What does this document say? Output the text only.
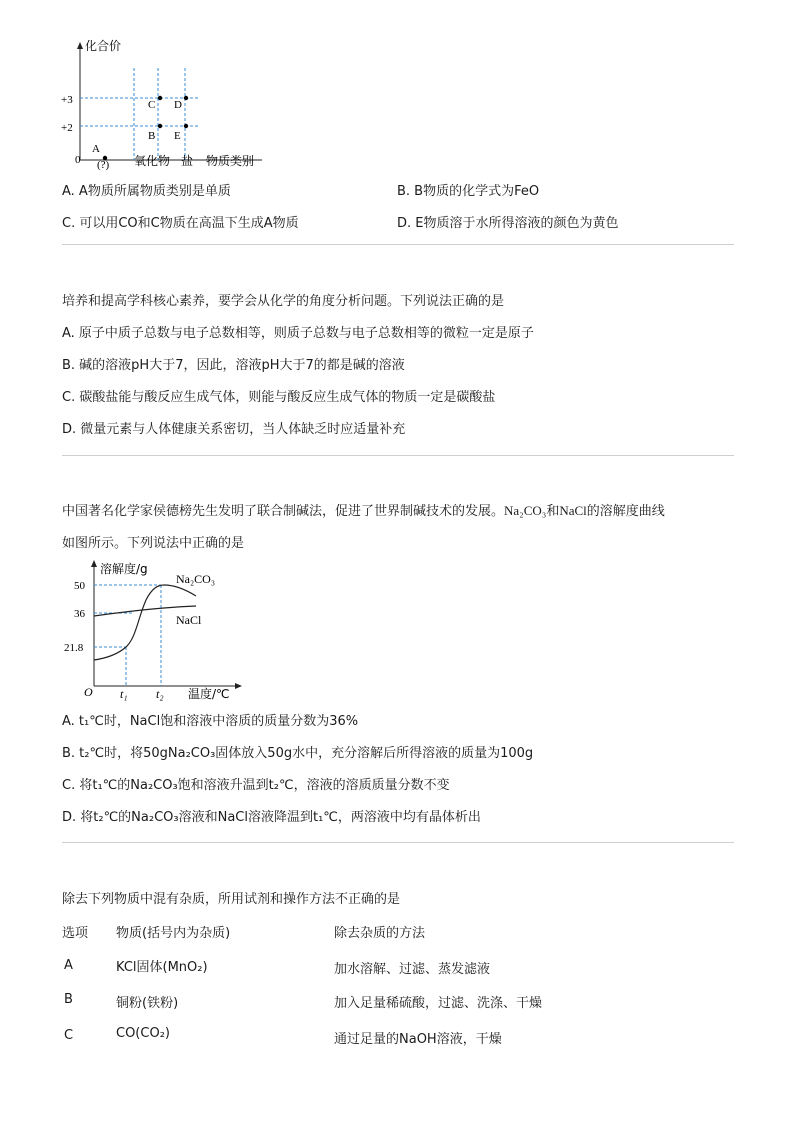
化合价
物质类别
+3
+2
0 (?) 氧化物 盐
A
B
C D
E
A. A物质所属物质类别是单质	B. B物质的化学式为FeO
C. 可以用CO和C物质在高温下生成A物质	D. E物质溶于水所得溶液的颜色为黄色
培养和提高学科核心素养，要学会从化学的角度分析问题。下列说法正确的是
A. 原子中质子总数与电子总数相等，则质子总数与电子总数相等的微粒一定是原子
B. 碱的溶液pH大于7，因此，溶液pH大于7的都是碱的溶液
C. 碳酸盐能与酸反应生成气体，则能与酸反应生成气体的物质一定是碳酸盐
D. 微量元素与人体健康关系密切，当人体缺乏时应适量补充
中国著名化学家侯德榜先生发明了联合制碱法，促进了世界制碱技术的发展。Na₂CO₃和NaCl的溶解度曲线
如图所示。下列说法中正确的是
溶解度/g
50
36
21.8
O t₁ t₂ 温度/℃
Na₂CO₃
NaCl
A. t₁℃时，NaCl饱和溶液中溶质的质量分数为36%
B. t₂℃时，将50gNa₂CO₃固体放入50g水中，充分溶解后所得溶液的质量为100g
C. 将t₁℃的Na₂CO₃饱和溶液升温到t₂℃，溶液的溶质质量分数不变
D. 将t₂℃的Na₂CO₃溶液和NaCl溶液降温到t₁℃，两溶液中均有晶体析出
除去下列物质中混有杂质，所用试剂和操作方法不正确的是
选项 物质(括号内为杂质)	除去杂质的方法
A	KCl固体(MnO₂)	加水溶解、过滤、蒸发滤液
B	铜粉(铁粉)	加入足量稀硫酸，过滤、洗涤、干燥
C	CO(CO₂)	通过足量的NaOH溶液，干燥
